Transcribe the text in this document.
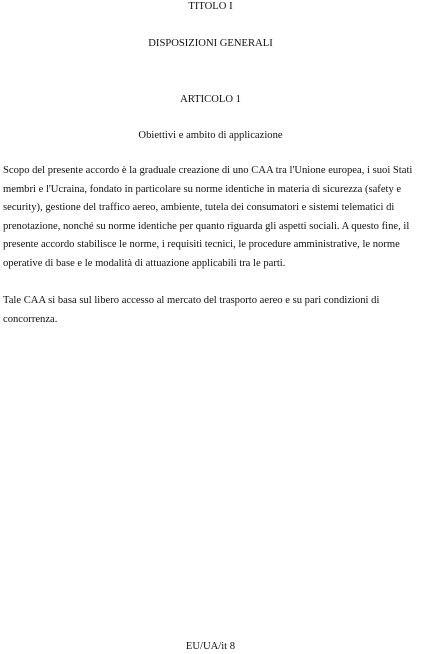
TITOLO I
DISPOSIZIONI GENERALI
ARTICOLO 1
Obiettivi e ambito di applicazione
Scopo del presente accordo è la graduale creazione di uno CAA tra l'Unione europea, i suoi Stati
membri e l'Ucraina, fondato in particolare su norme identiche in materia di sicurezza (safety e
security), gestione del traffico aereo, ambiente, tutela dei consumatori e sistemi telematici di
prenotazione, nonché su norme identiche per quanto riguarda gli aspetti sociali. A questo fine, il
presente accordo stabilisce le norme, i requisiti tecnici, le procedure amministrative, le norme
operative di base e le modalità di attuazione applicabili tra le parti.
Tale CAA si basa sul libero accesso al mercato del trasporto aereo e su pari condizioni di
concorrenza.
EU/UA/it 8
